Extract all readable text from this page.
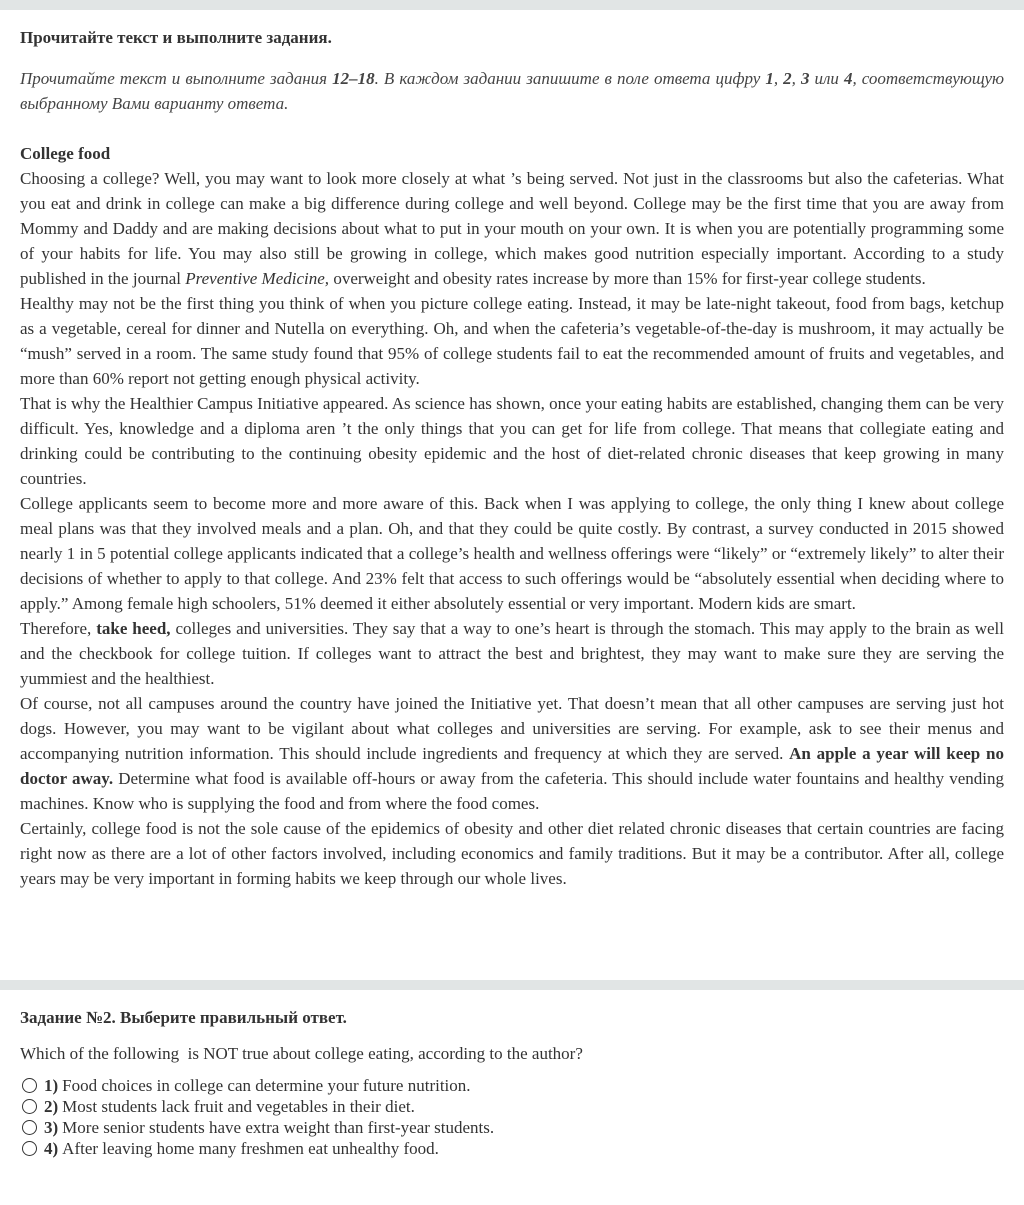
Прочитайте текст и выполните задания.
Прочитайте текст и выполните задания 12–18. В каждом задании запишите в поле ответа цифру 1, 2, 3 или 4, соответствующую выбранному Вами варианту ответа.
College food

Choosing a college? Well, you may want to look more closely at what ’s being served. Not just in the classrooms but also the cafeterias. What you eat and drink in college can make a big difference during college and well beyond. College may be the first time that you are away from Mommy and Daddy and are making decisions about what to put in your mouth on your own. It is when you are potentially programming some of your habits for life. You may also still be growing in college, which makes good nutrition especially important. According to a study published in the journal Preventive Medicine, overweight and obesity rates increase by more than 15% for first-year college students.

Healthy may not be the first thing you think of when you picture college eating. Instead, it may be late-night takeout, food from bags, ketchup as a vegetable, cereal for dinner and Nutella on everything. Oh, and when the cafeteria’s vegetable-of-the-day is mushroom, it may actually be “mush” served in a room. The same study found that 95% of college students fail to eat the recommended amount of fruits and vegetables, and more than 60% report not getting enough physical activity.

That is why the Healthier Campus Initiative appeared. As science has shown, once your eating habits are established, changing them can be very difficult. Yes, knowledge and a diploma aren ’t the only things that you can get for life from college. That means that collegiate eating and drinking could be contributing to the continuing obesity epidemic and the host of diet-related chronic diseases that keep growing in many countries.

College applicants seem to become more and more aware of this. Back when I was applying to college, the only thing I knew about college meal plans was that they involved meals and a plan. Oh, and that they could be quite costly. By contrast, a survey conducted in 2015 showed nearly 1 in 5 potential college applicants indicated that a college’s health and wellness offerings were “likely” or “extremely likely” to alter their decisions of whether to apply to that college. And 23% felt that access to such offerings would be “absolutely essential when deciding where to apply.” Among female high schoolers, 51% deemed it either absolutely essential or very important. Modern kids are smart.

Therefore, take heed, colleges and universities. They say that a way to one’s heart is through the stomach. This may apply to the brain as well and the checkbook for college tuition. If colleges want to attract the best and brightest, they may want to make sure they are serving the yummiest and the healthiest.

Of course, not all campuses around the country have joined the Initiative yet. That doesn’t mean that all other campuses are serving just hot dogs. However, you may want to be vigilant about what colleges and universities are serving. For example, ask to see their menus and accompanying nutrition information. This should include ingredients and frequency at which they are served. An apple a year will keep no doctor away. Determine what food is available off-hours or away from the cafeteria. This should include water fountains and healthy vending machines. Know who is supplying the food and from where the food comes.

Certainly, college food is not the sole cause of the epidemics of obesity and other diet related chronic diseases that certain countries are facing right now as there are a lot of other factors involved, including economics and family traditions. But it may be a contributor. After all, college years may be very important in forming habits we keep through our whole lives.

Задание №2. Выберите правильный ответ.
Which of the following  is NOT true about college eating, according to the author?
1) Food choices in college can determine your future nutrition.
2) Most students lack fruit and vegetables in their diet.
3) More senior students have extra weight than first-year students.
4) After leaving home many freshmen eat unhealthy food.
